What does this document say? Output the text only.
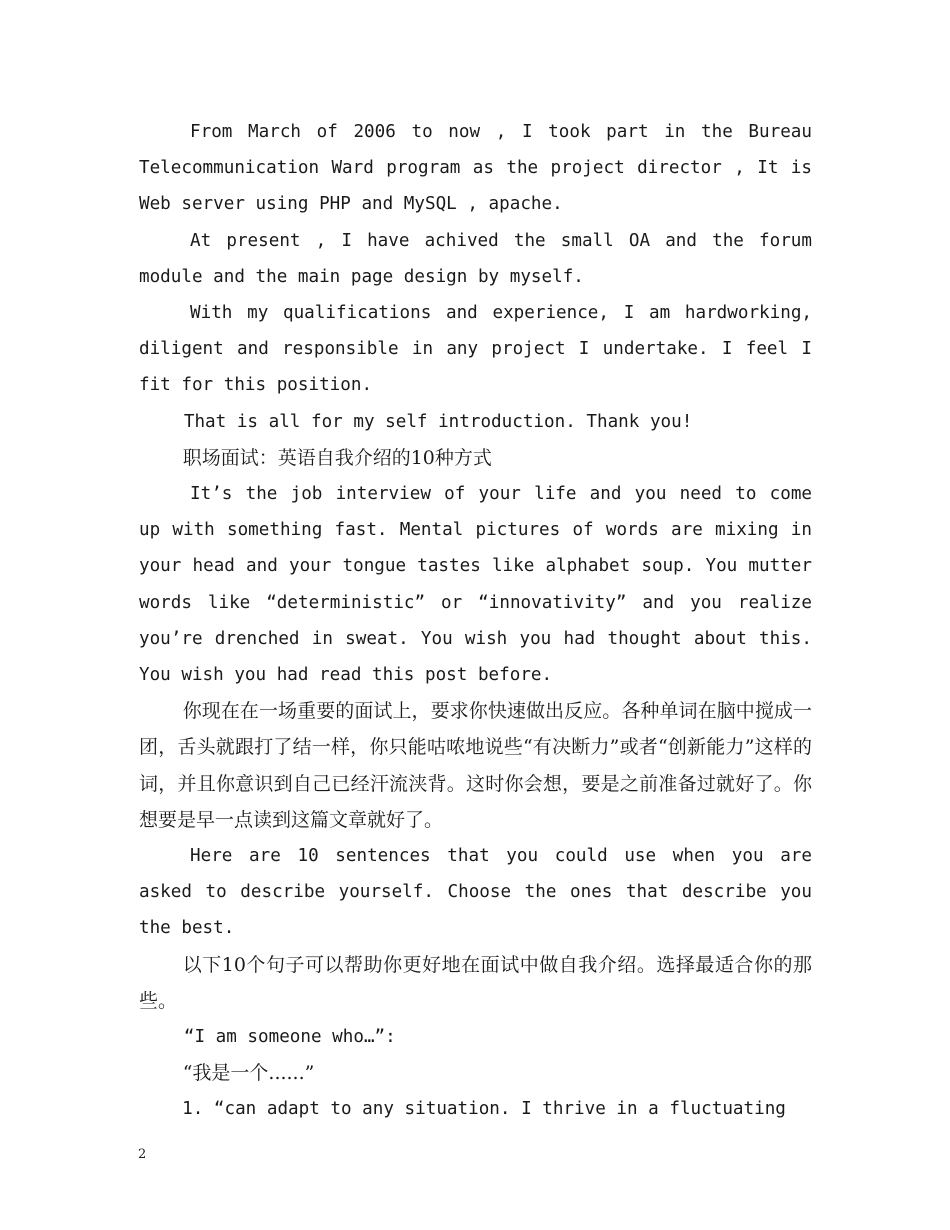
From March of 2006 to now , I took part in the Bureau Telecommunication Ward program as the project director , It is Web server using PHP and MySQL , apache.

At present , I have achived the small OA and the forum module and the main page design by myself.

With my qualifications and experience, I am hardworking, diligent and responsible in any project I undertake. I feel I fit for this position.

That is all for my self introduction. Thank you!

职场面试：英语自我介绍的10种方式

It’s the job interview of your life and you need to come up with something fast. Mental pictures of words are mixing in your head and your tongue tastes like alphabet soup. You mutter words like “deterministic” or “innovativity” and you realize you’re drenched in sweat. You wish you had thought about this. You wish you had read this post before.

你现在在一场重要的面试上，要求你快速做出反应。各种单词在脑中搅成一团，舌头就跟打了结一样，你只能咕哝地说些“有决断力”或者“创新能力”这样的词，并且你意识到自己已经汗流浃背。这时你会想，要是之前准备过就好了。你想要是早一点读到这篇文章就好了。

Here are 10 sentences that you could use when you are asked to describe yourself. Choose the ones that describe you the best.

以下10个句子可以帮助你更好地在面试中做自我介绍。选择最适合你的那些。

“I am someone who…”:

“我是一个......”

1. “can adapt to any situation. I thrive in a fluctuating

2
